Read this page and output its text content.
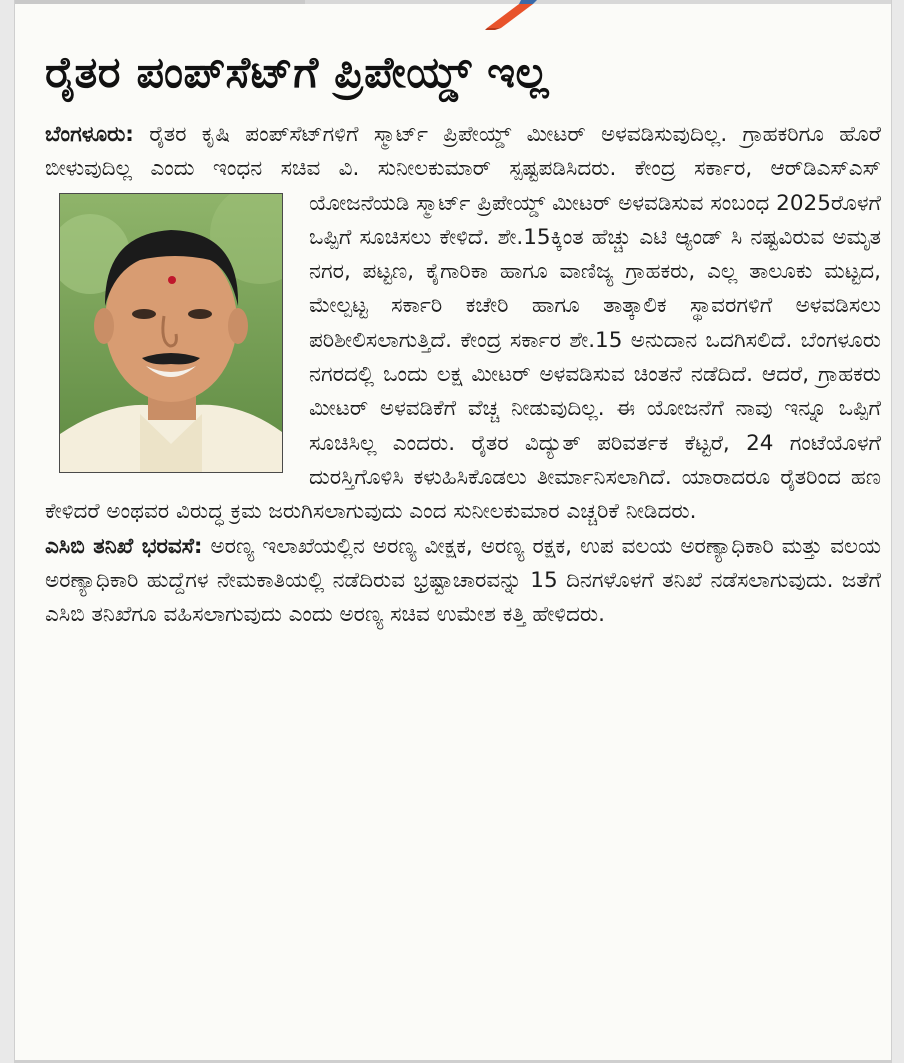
ರೈತರ ಪಂಪ್‌ಸೆಟ್‌ಗೆ ಪ್ರಿಪೇಯ್ಡ್ ಇಲ್ಲ

ಬೆಂಗಳೂರು: ರೈತರ ಕೃಷಿ ಪಂಪ್‌ಸೆಟ್‌ಗಳಿಗೆ ಸ್ಮಾರ್ಟ್ ಪ್ರಿಪೇಯ್ಡ್ ಮೀಟರ್ ಅಳವಡಿಸುವುದಿಲ್ಲ. ಗ್ರಾಹಕರಿಗೂ ಹೊರೆ ಬೀಳುವುದಿಲ್ಲ ಎಂದು ಇಂಧನ ಸಚಿವ ವಿ. ಸುನೀಲಕುಮಾರ್ ಸ್ಪಷ್ಟಪಡಿಸಿದರು. ಕೇಂದ್ರ ಸರ್ಕಾರ, ಆರ್‌ಡಿಎಸ್‌ಎಸ್
ಯೋಜನೆಯಡಿ ಸ್ಮಾರ್ಟ್ ಪ್ರಿಪೇಯ್ಡ್ ಮೀಟರ್ ಅಳವಡಿಸುವ ಸಂಬಂಧ 2025ರೊಳಗೆ ಒಪ್ಪಿಗೆ ಸೂಚಿಸಲು ಕೇಳಿದೆ. ಶೇ.15ಕ್ಕಿಂತ ಹೆಚ್ಚು ಎಟಿ ಆ್ಯಂಡ್ ಸಿ ನಷ್ಟವಿರುವ ಅಮೃತ ನಗರ, ಪಟ್ಟಣ, ಕೈಗಾರಿಕಾ ಹಾಗೂ ವಾಣಿಜ್ಯ ಗ್ರಾಹಕರು, ಎಲ್ಲ ತಾಲೂಕು ಮಟ್ಟದ, ಮೇಲ್ಪಟ್ಟ ಸರ್ಕಾರಿ ಕಚೇರಿ ಹಾಗೂ ತಾತ್ಕಾಲಿಕ ಸ್ಥಾವರಗಳಿಗೆ ಅಳವಡಿಸಲು ಪರಿಶೀಲಿಸಲಾಗುತ್ತಿದೆ. ಕೇಂದ್ರ ಸರ್ಕಾರ ಶೇ.15 ಅನುದಾನ ಒದಗಿಸಲಿದೆ. ಬೆಂಗಳೂರು ನಗರದಲ್ಲಿ ಒಂದು ಲಕ್ಷ ಮೀಟರ್ ಅಳವಡಿಸುವ ಚಿಂತನೆ ನಡೆದಿದೆ. ಆದರೆ, ಗ್ರಾಹಕರು ಮೀಟರ್ ಅಳವಡಿಕೆಗೆ ವೆಚ್ಚ ನೀಡುವುದಿಲ್ಲ. ಈ ಯೋಜನೆಗೆ ನಾವು ಇನ್ನೂ ಒಪ್ಪಿಗೆ ಸೂಚಿಸಿಲ್ಲ ಎಂದರು. ರೈತರ ವಿದ್ಯುತ್ ಪರಿವರ್ತಕ ಕೆಟ್ಟರೆ, 24 ಗಂಟೆಯೊಳಗೆ ದುರಸ್ತಿಗೊಳಿಸಿ ಕಳುಹಿಸಿಕೊಡಲು ತೀರ್ಮಾನಿಸಲಾಗಿದೆ. ಯಾರಾದರೂ ರೈತರಿಂದ ಹಣ ಕೇಳಿದರೆ ಅಂಥವರ ವಿರುದ್ಧ ಕ್ರಮ ಜರುಗಿಸಲಾಗುವುದು ಎಂದ ಸುನೀಲಕುಮಾರ ಎಚ್ಚರಿಕೆ ನೀಡಿದರು.

ಎಸಿಬಿ ತನಿಖೆ ಭರವಸೆ: ಅರಣ್ಯ ಇಲಾಖೆಯಲ್ಲಿನ ಅರಣ್ಯ ವೀಕ್ಷಕ, ಅರಣ್ಯ ರಕ್ಷಕ, ಉಪ ವಲಯ ಅರಣ್ಯಾಧಿಕಾರಿ ಮತ್ತು ವಲಯ ಅರಣ್ಯಾಧಿಕಾರಿ ಹುದ್ದೆಗಳ ನೇಮಕಾತಿಯಲ್ಲಿ ನಡೆದಿರುವ ಭ್ರಷ್ಟಾಚಾರವನ್ನು 15 ದಿನಗಳೊಳಗೆ ತನಿಖೆ ನಡೆಸಲಾಗುವುದು. ಜತೆಗೆ ಎಸಿಬಿ ತನಿಖೆಗೂ ವಹಿಸಲಾಗುವುದು ಎಂದು ಅರಣ್ಯ ಸಚಿವ ಉಮೇಶ ಕತ್ತಿ ಹೇಳಿದರು.
